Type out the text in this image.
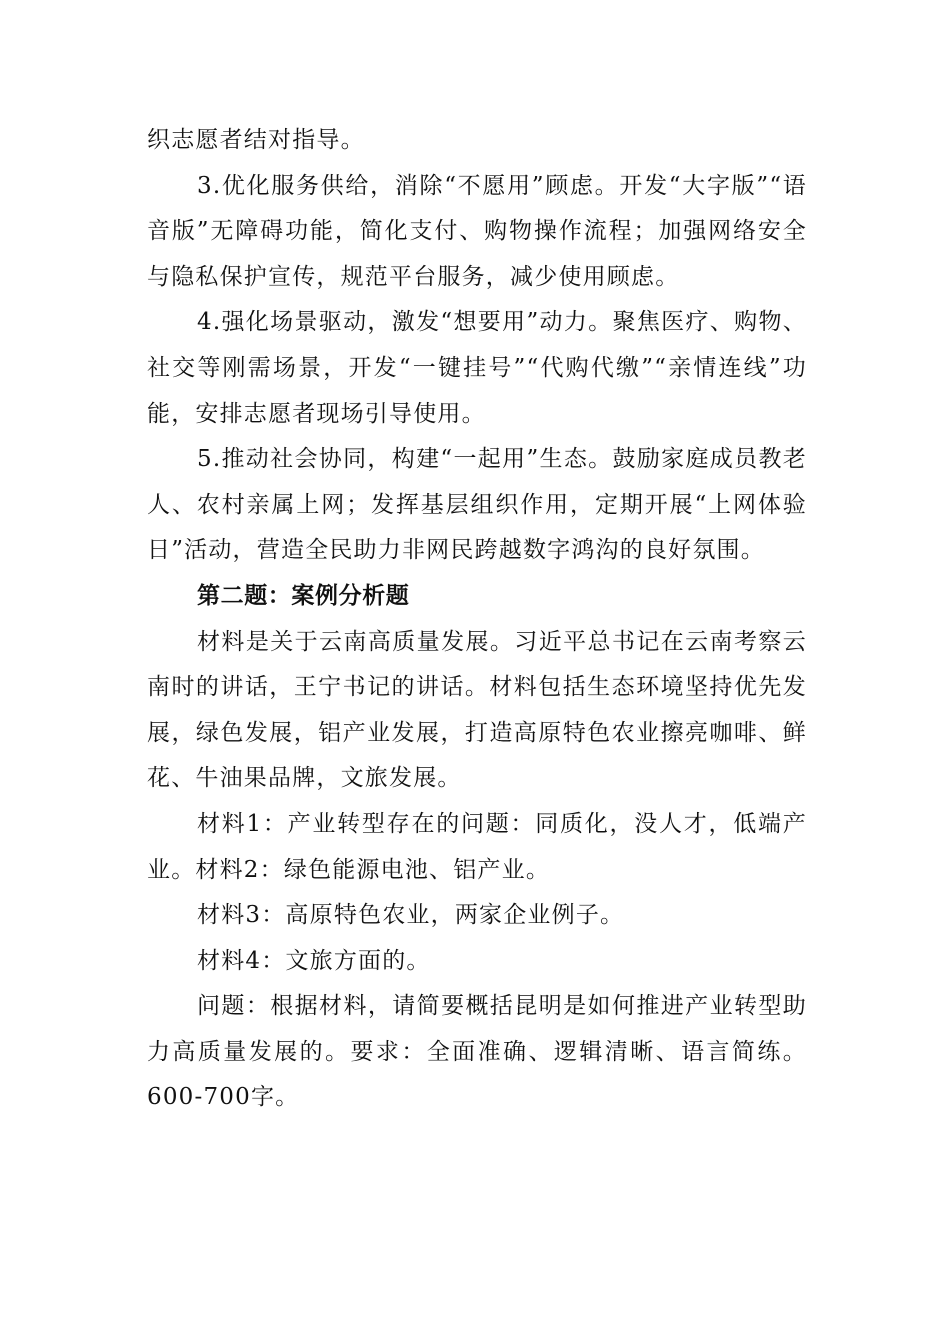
织志愿者结对指导。

3.优化服务供给，消除“不愿用”顾虑。开发“大字版”“语音版”无障碍功能，简化支付、购物操作流程；加强网络安全与隐私保护宣传，规范平台服务，减少使用顾虑。

4.强化场景驱动，激发“想要用”动力。聚焦医疗、购物、社交等刚需场景，开发“一键挂号”“代购代缴”“亲情连线”功能，安排志愿者现场引导使用。

5.推动社会协同，构建“一起用”生态。鼓励家庭成员教老人、农村亲属上网；发挥基层组织作用，定期开展“上网体验日”活动，营造全民助力非网民跨越数字鸿沟的良好氛围。

第二题：案例分析题

材料是关于云南高质量发展。习近平总书记在云南考察云南时的讲话，王宁书记的讲话。材料包括生态环境坚持优先发展，绿色发展，铝产业发展，打造高原特色农业擦亮咖啡、鲜花、牛油果品牌，文旅发展。

材料1：产业转型存在的问题：同质化，没人才，低端产业。材料2：绿色能源电池、铝产业。

材料3：高原特色农业，两家企业例子。

材料4：文旅方面的。

问题：根据材料，请简要概括昆明是如何推进产业转型助力高质量发展的。要求：全面准确、逻辑清晰、语言简练。600-700字。
